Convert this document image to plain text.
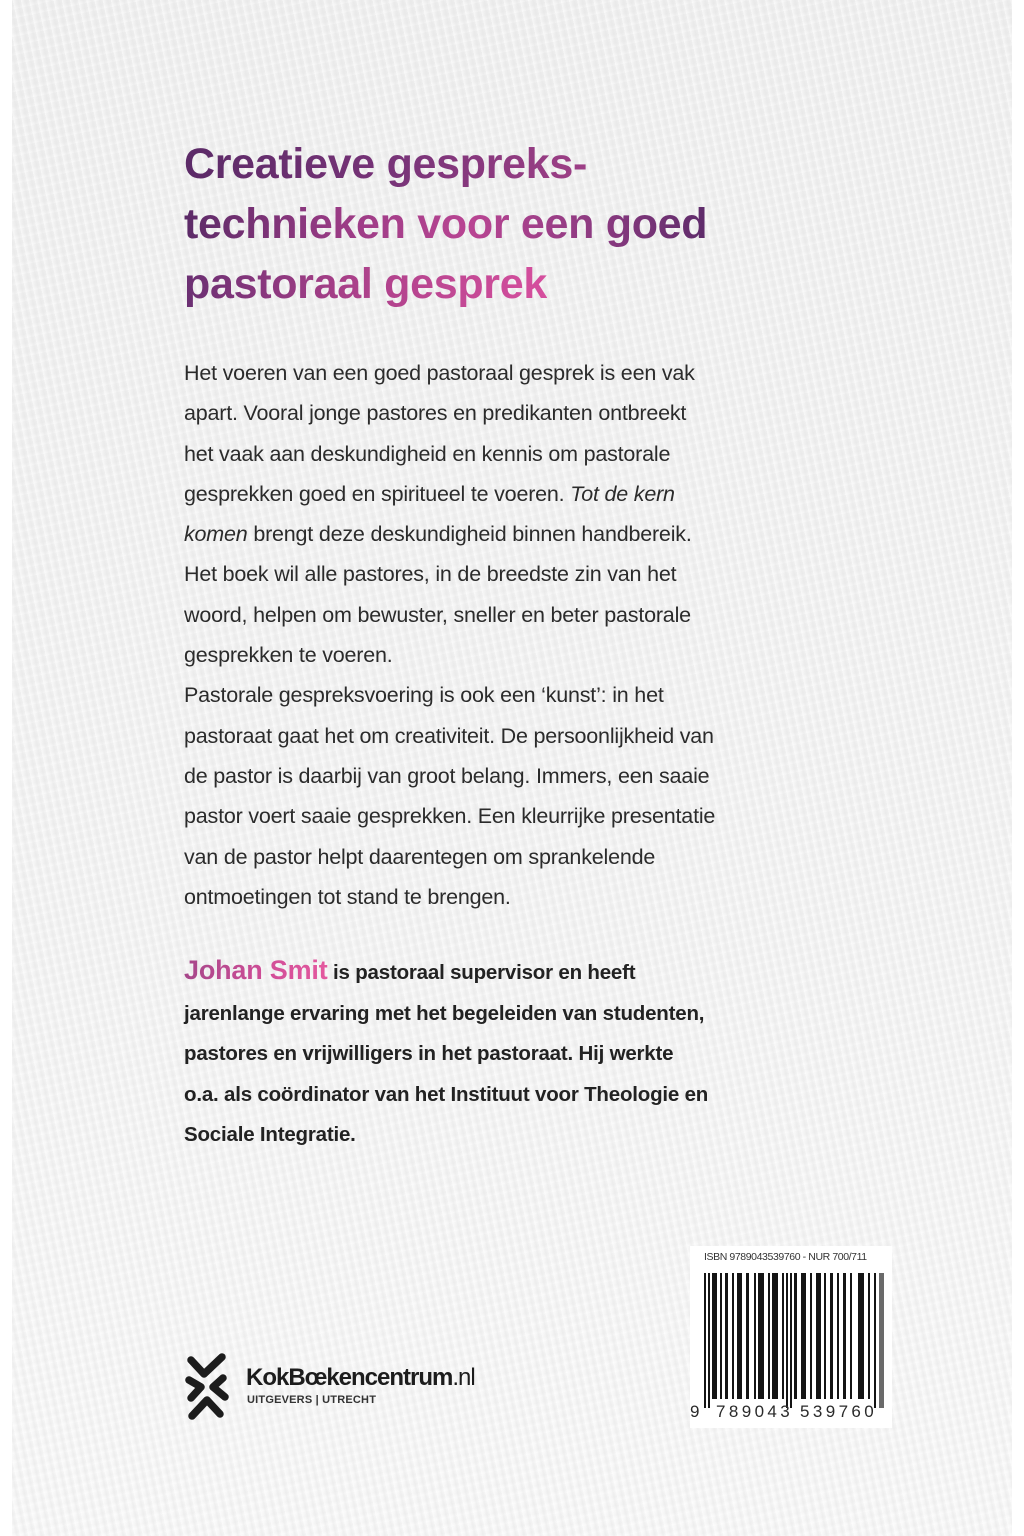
Creatieve gespreks-
technieken voor een goed
pastoraal gesprek
Het voeren van een goed pastoraal gesprek is een vak
apart. Vooral jonge pastores en predikanten ontbreekt
het vaak aan deskundigheid en kennis om pastorale
gesprekken goed en spiritueel te voeren. Tot de kern
komen brengt deze deskundigheid binnen handbereik.
Het boek wil alle pastores, in de breedste zin van het
woord, helpen om bewuster, sneller en beter pastorale
gesprekken te voeren.
Pastorale gespreksvoering is ook een ‘kunst’: in het
pastoraat gaat het om creativiteit. De persoonlijkheid van
de pastor is daarbij van groot belang. Immers, een saaie
pastor voert saaie gesprekken. Een kleurrijke presentatie
van de pastor helpt daarentegen om sprankelende
ontmoetingen tot stand te brengen.
Johan Smit is pastoraal supervisor en heeft
jarenlange ervaring met het begeleiden van studenten,
pastores en vrijwilligers in het pastoraat. Hij werkte
o.a. als coördinator van het Instituut voor Theologie en
Sociale Integratie.
KokBœkencentrum.nl
UITGEVERS | UTRECHT
ISBN 9789043539760 - NUR 700/711
9 789043 539760
